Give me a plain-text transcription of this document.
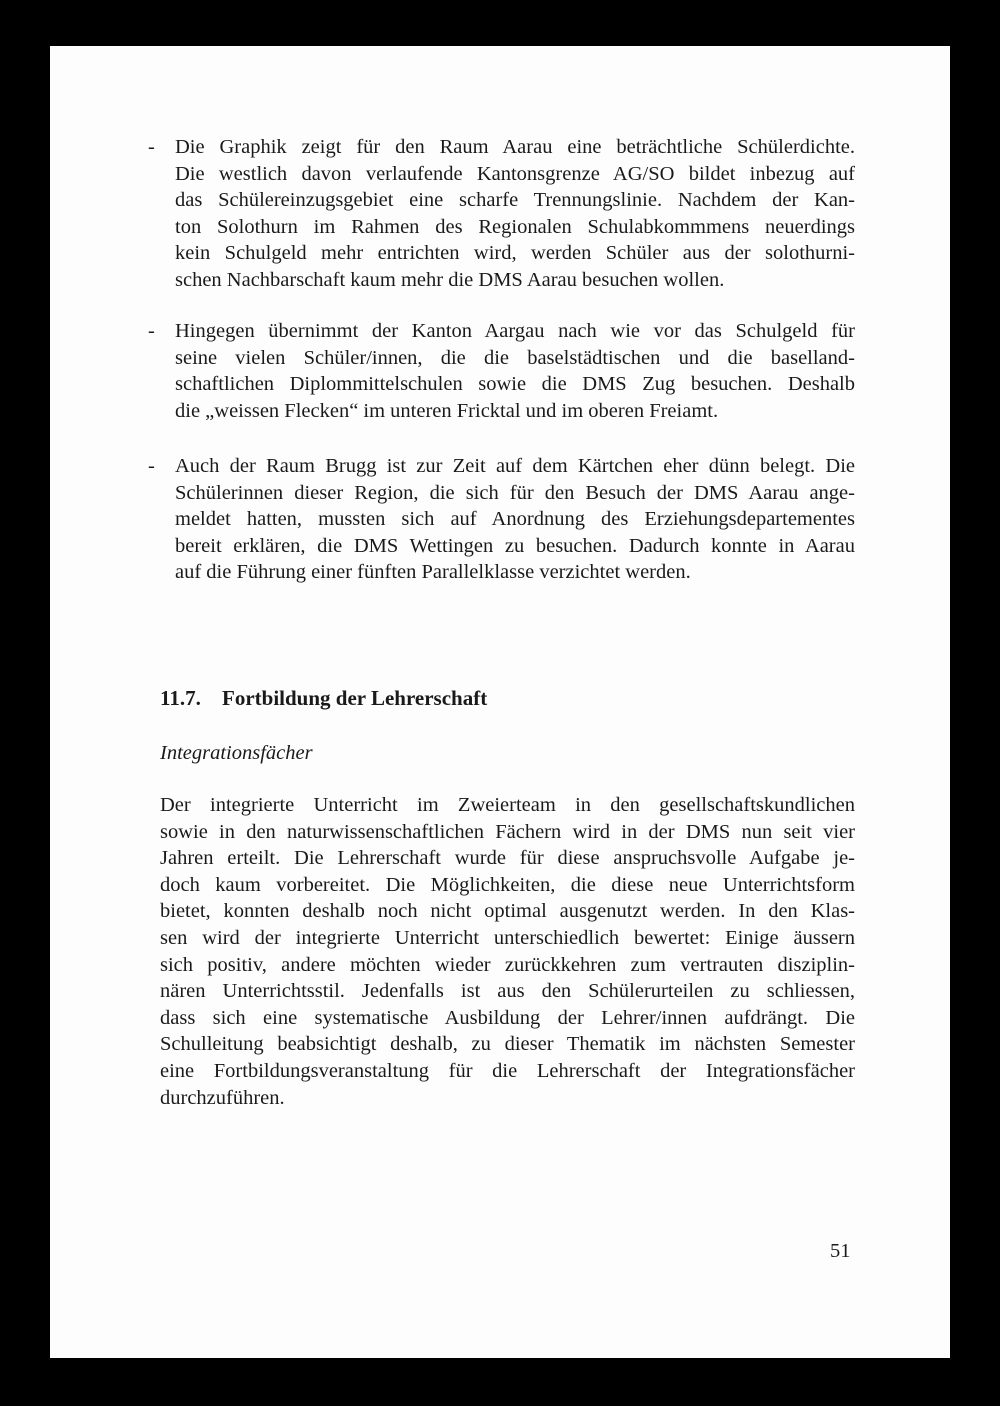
11.7. Fortbildung der Lehrerschaft
Integrationsfächer
51
- Die Graphik zeigt für den Raum Aarau eine beträchtliche Schülerdichte.
Die westlich davon verlaufende Kantonsgrenze AG/SO bildet inbezug auf
das Schülereinzugsgebiet eine scharfe Trennungslinie. Nachdem der Kan-
ton Solothurn im Rahmen des Regionalen Schulabkommmens neuerdings
kein Schulgeld mehr entrichten wird, werden Schüler aus der solothurni-
schen Nachbarschaft kaum mehr die DMS Aarau besuchen wollen.
- Hingegen übernimmt der Kanton Aargau nach wie vor das Schulgeld für
seine vielen Schüler/innen, die die baselstädtischen und die baselland-
schaftlichen Diplommittelschulen sowie die DMS Zug besuchen. Deshalb
die „weissen Flecken“ im unteren Fricktal und im oberen Freiamt.
- Auch der Raum Brugg ist zur Zeit auf dem Kärtchen eher dünn belegt. Die
Schülerinnen dieser Region, die sich für den Besuch der DMS Aarau ange-
meldet hatten, mussten sich auf Anordnung des Erziehungsdepartementes
bereit erklären, die DMS Wettingen zu besuchen. Dadurch konnte in Aarau
auf die Führung einer fünften Parallelklasse verzichtet werden.
Der integrierte Unterricht im Zweierteam in den gesellschaftskundlichen
sowie in den naturwissenschaftlichen Fächern wird in der DMS nun seit vier
Jahren erteilt. Die Lehrerschaft wurde für diese anspruchsvolle Aufgabe je-
doch kaum vorbereitet. Die Möglichkeiten, die diese neue Unterrichtsform
bietet, konnten deshalb noch nicht optimal ausgenutzt werden. In den Klas-
sen wird der integrierte Unterricht unterschiedlich bewertet: Einige äussern
sich positiv, andere möchten wieder zurückkehren zum vertrauten disziplin-
nären Unterrichtsstil. Jedenfalls ist aus den Schülerurteilen zu schliessen,
dass sich eine systematische Ausbildung der Lehrer/innen aufdrängt. Die
Schulleitung beabsichtigt deshalb, zu dieser Thematik im nächsten Semester
eine Fortbildungsveranstaltung für die Lehrerschaft der Integrationsfächer
durchzuführen.
